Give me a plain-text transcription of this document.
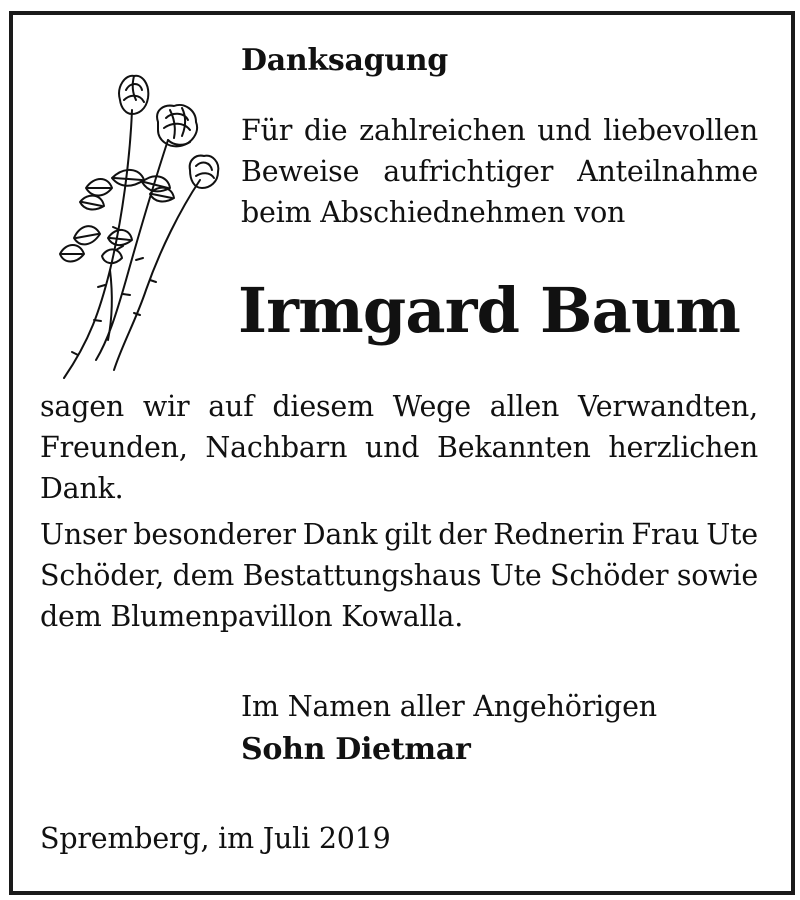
Danksagung
Für die zahlreichen und liebevollen
Beweise aufrichtiger Anteilnahme
beim Abschiednehmen von
Irmgard Baum
sagen wir auf diesem Wege allen Verwandten,
Freunden, Nachbarn und Bekannten herzlichen
Dank.
Unser besonderer Dank gilt der Rednerin Frau Ute
Schöder, dem Bestattungshaus Ute Schöder sowie
dem Blumenpavillon Kowalla.
Im Namen aller Angehörigen
Sohn Dietmar
Spremberg, im Juli 2019
